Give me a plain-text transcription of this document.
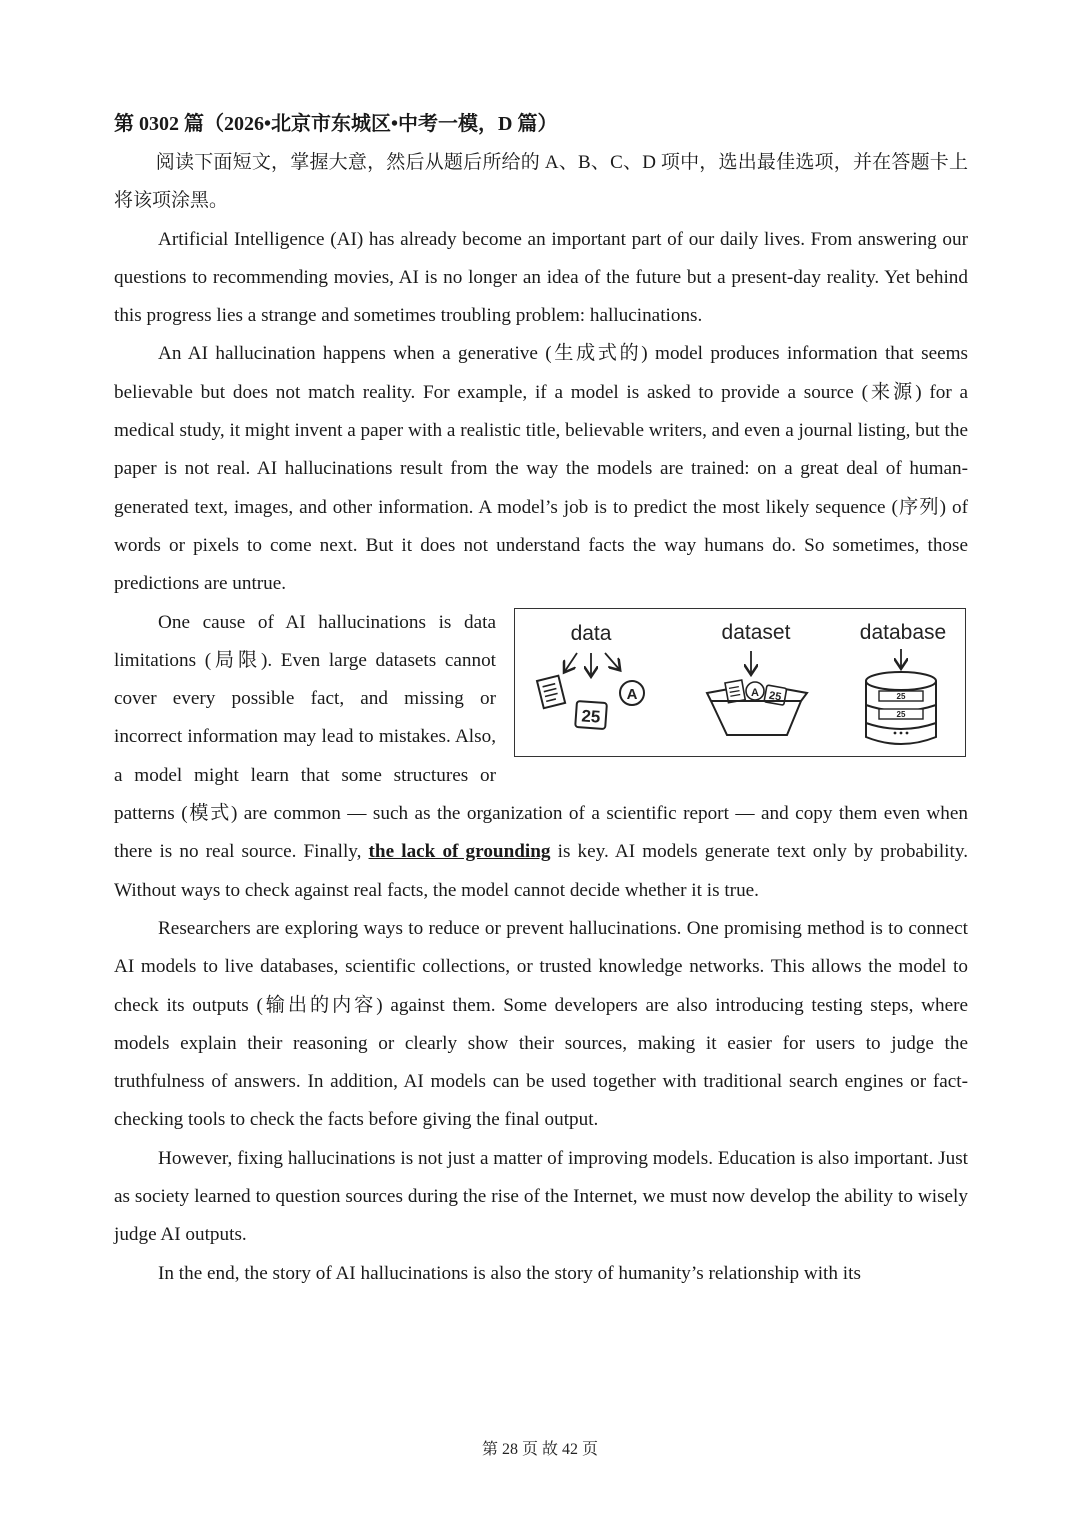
第 0302 篇（2026•北京市东城区•中考一模，D 篇）

阅读下面短文，掌握大意，然后从题后所给的 A、B、C、D 项中，选出最佳选项，并在答题卡上将该项涂黑。

Artificial Intelligence (AI) has already become an important part of our daily lives. From answering our questions to recommending movies, AI is no longer an idea of the future but a present-day reality. Yet behind this progress lies a strange and sometimes troubling problem: hallucinations.

An AI hallucination happens when a generative (生成式的) model produces information that seems believable but does not match reality. For example, if a model is asked to provide a source (来源) for a medical study, it might invent a paper with a realistic title, believable writers, and even a journal listing, but the paper is not real. AI hallucinations result from the way the models are trained: on a great deal of human-generated text, images, and other information. A model’s job is to predict the most likely sequence (序列) of words or pixels to come next. But it does not understand facts the way humans do. So sometimes, those predictions are untrue.

data
25
A
dataset
A 25
database
25
25

One cause of AI hallucinations is data limitations (局限). Even large datasets cannot cover every possible fact, and missing or incorrect information may lead to mistakes. Also, a model might learn that some structures or patterns (模式) are common — such as the organization of a scientific report — and copy them even when there is no real source. Finally, the lack of grounding is key. AI models generate text only by probability. Without ways to check against real facts, the model cannot decide whether it is true.

Researchers are exploring ways to reduce or prevent hallucinations. One promising method is to connect AI models to live databases, scientific collections, or trusted knowledge networks. This allows the model to check its outputs (输出的内容) against them. Some developers are also introducing testing steps, where models explain their reasoning or clearly show their sources, making it easier for users to judge the truthfulness of answers. In addition, AI models can be used together with traditional search engines or fact-checking tools to check the facts before giving the final output.

However, fixing hallucinations is not just a matter of improving models. Education is also important. Just as society learned to question sources during the rise of the Internet, we must now develop the ability to wisely judge AI outputs.

In the end, the story of AI hallucinations is also the story of humanity’s relationship with its

第 28 页 故 42 页
